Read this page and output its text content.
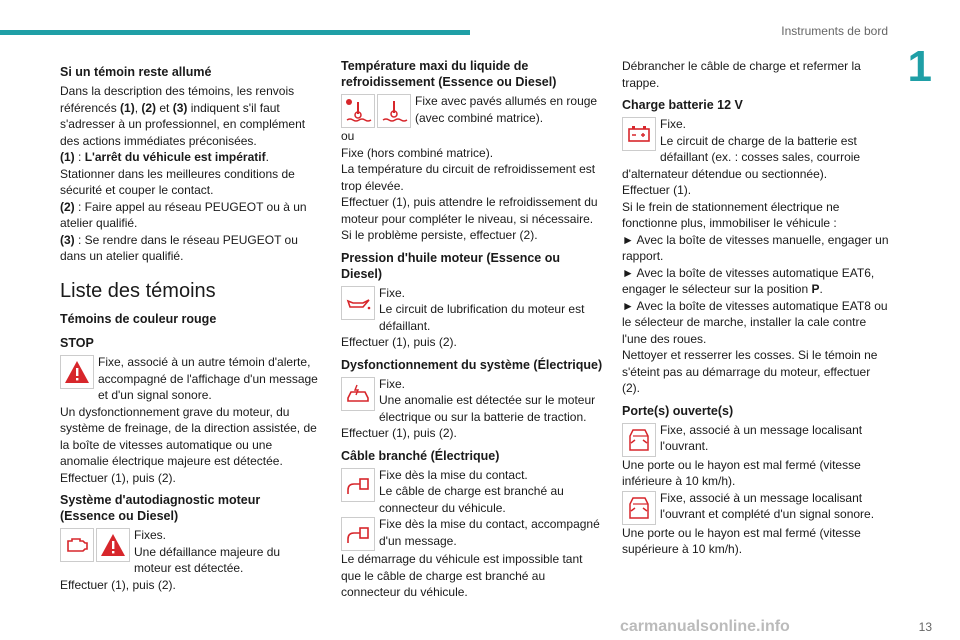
Instruments de bord
1
13

Si un témoin reste allumé

Dans la description des témoins, les renvois référencés (1), (2) et (3) indiquent s'il faut s'adresser à un professionnel, en complément des actions immédiates préconisées.

(1) : L'arrêt du véhicule est impératif. Stationner dans les meilleures conditions de sécurité et couper le contact.

(2) : Faire appel au réseau PEUGEOT ou à un atelier qualifié.

(3) : Se rendre dans le réseau PEUGEOT ou dans un atelier qualifié.

Liste des témoins

Témoins de couleur rouge

STOP

Fixe, associé à un autre témoin d'alerte, accompagné de l'affichage d'un message et d'un signal sonore.

Un dysfonctionnement grave du moteur, du système de freinage, de la direction assistée, de la boîte de vitesses automatique ou une anomalie électrique majeure est détectée.

Effectuer (1), puis (2).

Système d'autodiagnostic moteur (Essence ou Diesel)

Fixes.

Une défaillance majeure du moteur est détectée.

Effectuer (1), puis (2).

Température maxi du liquide de refroidissement (Essence ou Diesel)

Fixe avec pavés allumés en rouge (avec combiné matrice).

ou

Fixe (hors combiné matrice).

La température du circuit de refroidissement est trop élevée.

Effectuer (1), puis attendre le refroidissement du moteur pour compléter le niveau, si nécessaire.

Si le problème persiste, effectuer (2).

Pression d'huile moteur (Essence ou Diesel)

Fixe.

Le circuit de lubrification du moteur est défaillant.

Effectuer (1), puis (2).

Dysfonctionnement du système (Électrique)

Fixe.

Une anomalie est détectée sur le moteur électrique ou sur la batterie de traction.

Effectuer (1), puis (2).

Câble branché (Électrique)

Fixe dès la mise du contact.

Le câble de charge est branché au connecteur du véhicule.

Fixe dès la mise du contact, accompagné d'un message.

Le démarrage du véhicule est impossible tant que le câble de charge est branché au connecteur du véhicule.

Débrancher le câble de charge et refermer la trappe.

Charge batterie 12 V

Fixe.

Le circuit de charge de la batterie est défaillant (ex. : cosses sales, courroie d'alternateur détendue ou sectionnée).

Effectuer (1).

Si le frein de stationnement électrique ne fonctionne plus, immobiliser le véhicule :

► Avec la boîte de vitesses manuelle, engager un rapport.

► Avec la boîte de vitesses automatique EAT6, engager le sélecteur sur la position P.

► Avec la boîte de vitesses automatique EAT8 ou le sélecteur de marche, installer la cale contre l'une des roues.

Nettoyer et resserrer les cosses. Si le témoin ne s'éteint pas au démarrage du moteur, effectuer (2).

Porte(s) ouverte(s)

Fixe, associé à un message localisant l'ouvrant.

Une porte ou le hayon est mal fermé (vitesse inférieure à 10 km/h).

Fixe, associé à un message localisant l'ouvrant et complété d'un signal sonore.

Une porte ou le hayon est mal fermé (vitesse supérieure à 10 km/h).

carmanualsonline.info
